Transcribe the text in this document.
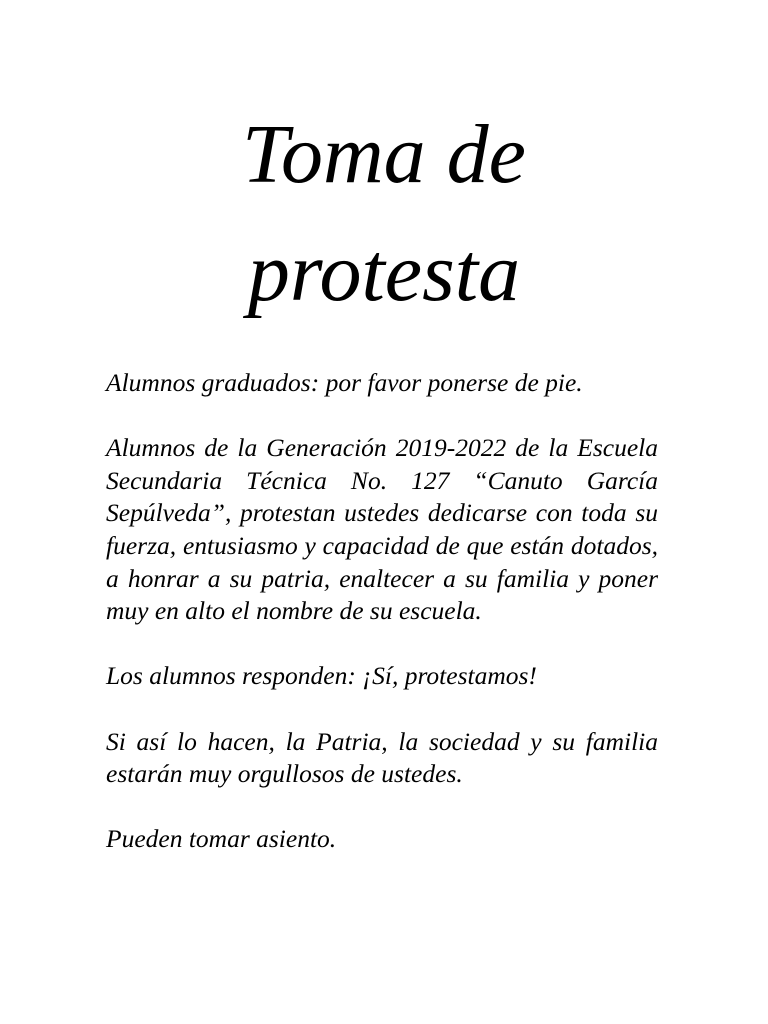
Toma de
protesta

Alumnos graduados: por favor ponerse de pie.

Alumnos de la Generación 2019-2022 de la Escuela Secundaria Técnica No. 127 “Canuto García Sepúlveda”, protestan ustedes dedicarse con toda su fuerza, entusiasmo y capacidad de que están dotados, a honrar a su patria, enaltecer a su familia y poner muy en alto el nombre de su escuela.

Los alumnos responden: ¡Sí, protestamos!

Si así lo hacen, la Patria, la sociedad y su familia estarán muy orgullosos de ustedes.

Pueden tomar asiento.
